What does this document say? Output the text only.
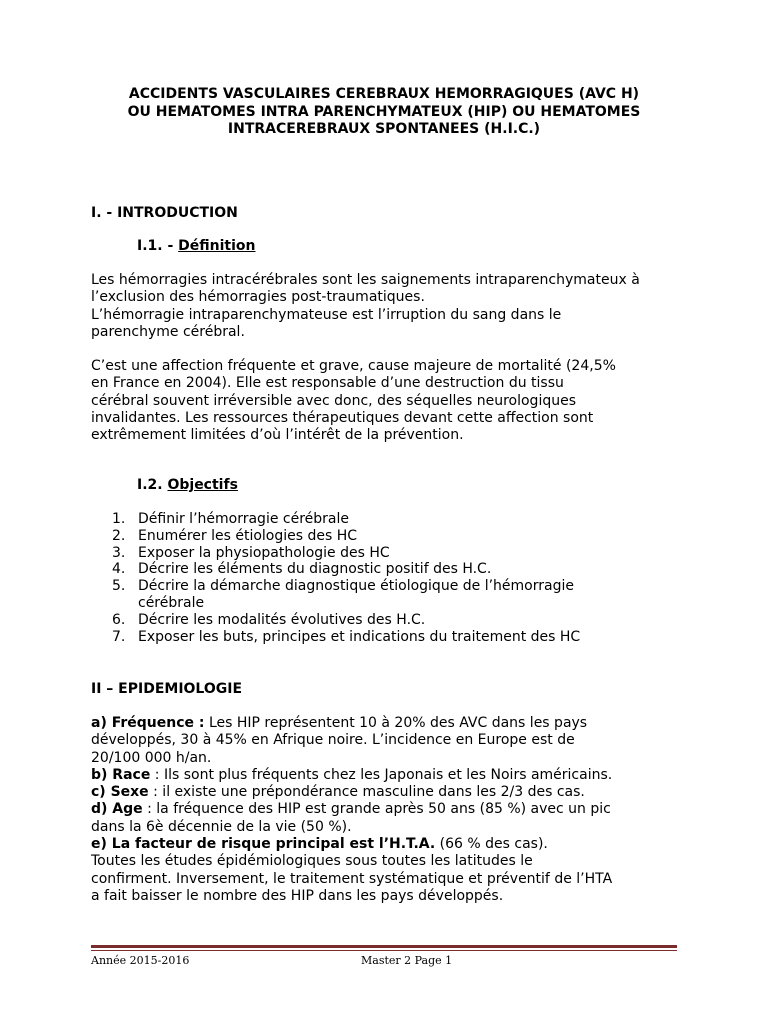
ACCIDENTS VASCULAIRES CEREBRAUX HEMORRAGIQUES (AVC H)
OU HEMATOMES INTRA PARENCHYMATEUX (HIP) OU HEMATOMES
INTRACEREBRAUX SPONTANEES (H.I.C.)
I. - INTRODUCTION
I.1. - Définition
Les hémorragies intracérébrales sont les saignements intraparenchymateux à
l’exclusion des hémorragies post-traumatiques.
L’hémorragie intraparenchymateuse est l’irruption du sang dans le
parenchyme cérébral.
C’est une affection fréquente et grave, cause majeure de mortalité (24,5%
en France en 2004). Elle est responsable d’une destruction du tissu
cérébral souvent irréversible avec donc, des séquelles neurologiques
invalidantes. Les ressources thérapeutiques devant cette affection sont
extrêmement limitées d’où l’intérêt de la prévention.
I.2. Objectifs
1. Définir l’hémorragie cérébrale
2. Enumérer les étiologies des HC
3. Exposer la physiopathologie des HC
4. Décrire les éléments du diagnostic positif des H.C.
5. Décrire la démarche diagnostique étiologique de l’hémorragie
cérébrale
6. Décrire les modalités évolutives des H.C.
7. Exposer les buts, principes et indications du traitement des HC
II – EPIDEMIOLOGIE
a) Fréquence : Les HIP représentent 10 à 20% des AVC dans les pays
développés, 30 à 45% en Afrique noire. L’incidence en Europe est de
20/100 000 h/an.
b) Race : Ils sont plus fréquents chez les Japonais et les Noirs américains.
c) Sexe : il existe une prépondérance masculine dans les 2/3 des cas.
d) Age : la fréquence des HIP est grande après 50 ans (85 %) avec un pic
dans la 6è décennie de la vie (50 %).
e) La facteur de risque principal est l’H.T.A. (66 % des cas).
Toutes les études épidémiologiques sous toutes les latitudes le
confirment. Inversement, le traitement systématique et préventif de l’HTA
a fait baisser le nombre des HIP dans les pays développés.
Année 2015-2016	Master 2 Page 1
